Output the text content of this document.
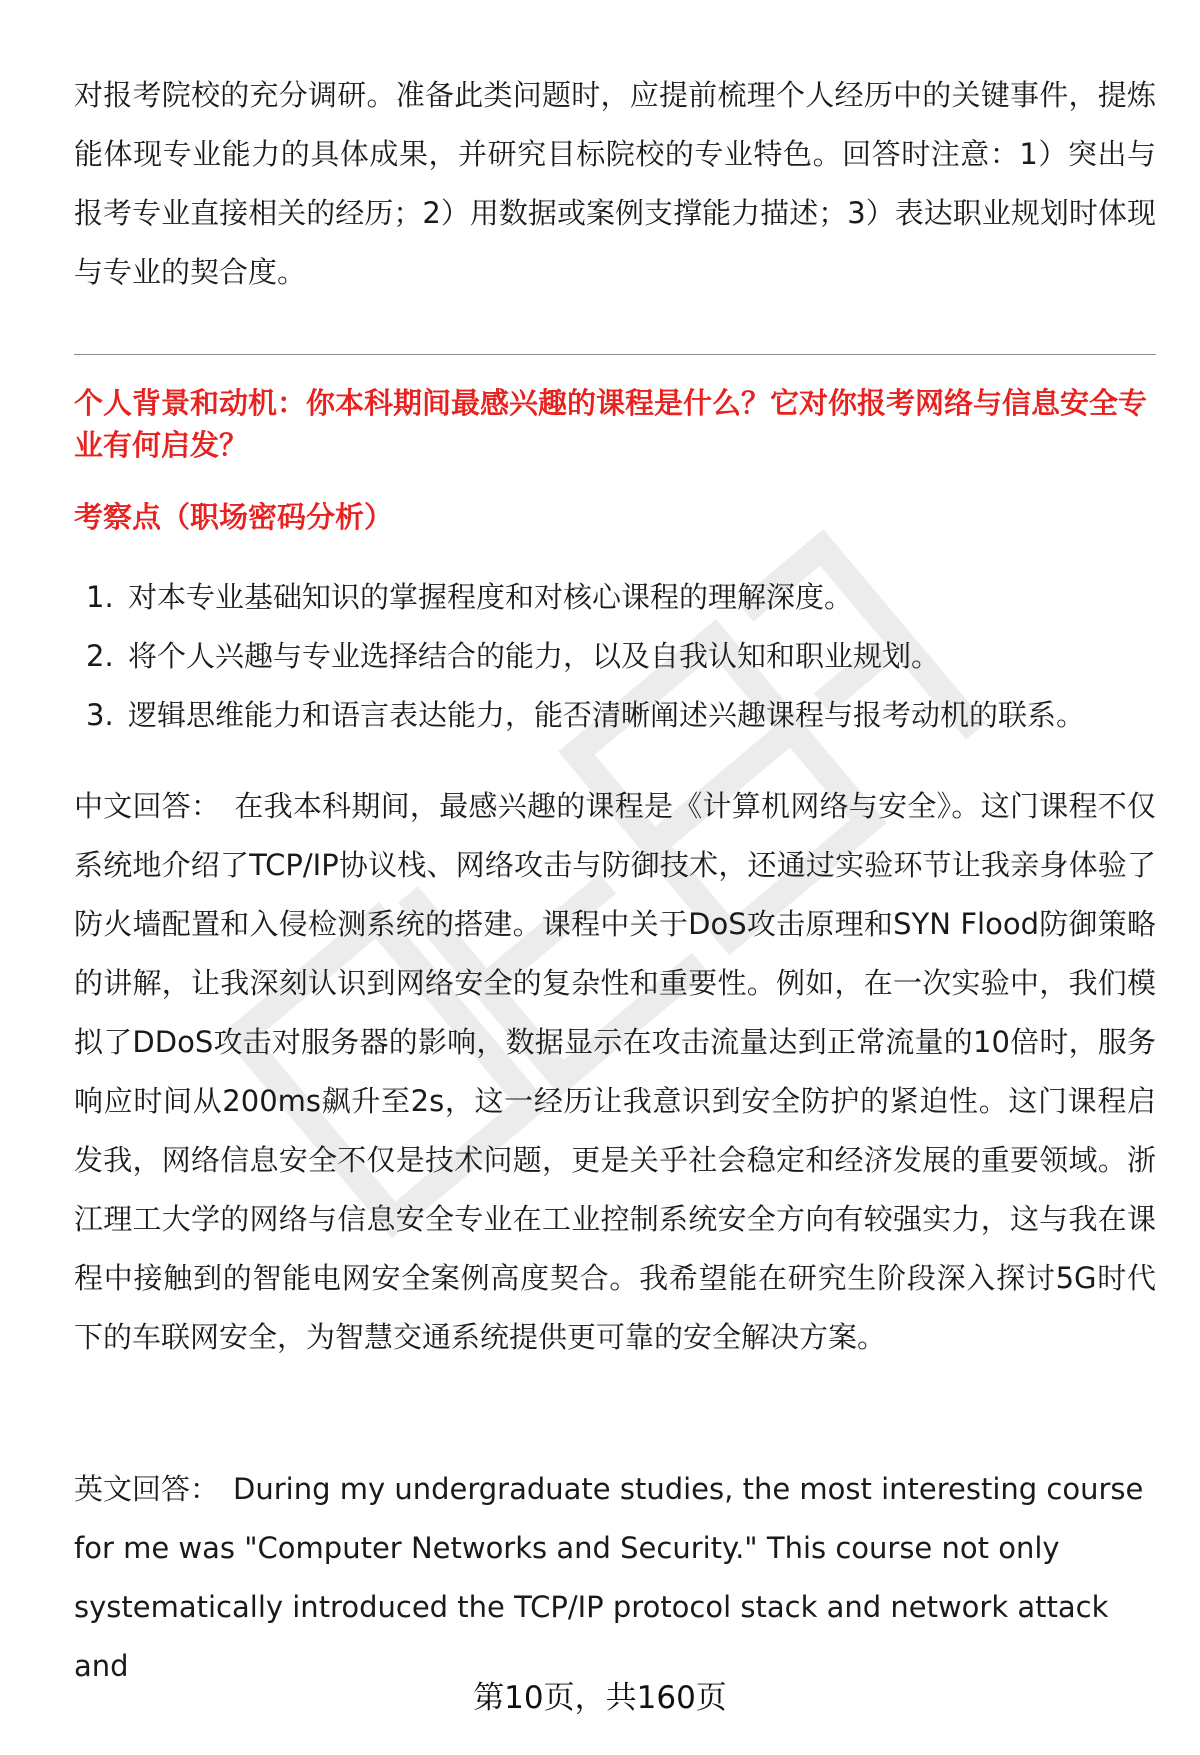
对报考院校的充分调研。准备此类问题时，应提前梳理个人经历中的关键事件，提炼能体现专业能力的具体成果，并研究目标院校的专业特色。回答时注意：1）突出与报考专业直接相关的经历；2）用数据或案例支撑能力描述；3）表达职业规划时体现与专业的契合度。

个人背景和动机：你本科期间最感兴趣的课程是什么？它对你报考网络与信息安全专业有何启发？

考察点（职场密码分析）

1. 对本专业基础知识的掌握程度和对核心课程的理解深度。
2. 将个人兴趣与专业选择结合的能力，以及自我认知和职业规划。
3. 逻辑思维能力和语言表达能力，能否清晰阐述兴趣课程与报考动机的联系。

中文回答： 在我本科期间，最感兴趣的课程是《计算机网络与安全》。这门课程不仅系统地介绍了TCP/IP协议栈、网络攻击与防御技术，还通过实验环节让我亲身体验了防火墙配置和入侵检测系统的搭建。课程中关于DoS攻击原理和SYN Flood防御策略的讲解，让我深刻认识到网络安全的复杂性和重要性。例如，在一次实验中，我们模拟了DDoS攻击对服务器的影响，数据显示在攻击流量达到正常流量的10倍时，服务响应时间从200ms飙升至2s，这一经历让我意识到安全防护的紧迫性。这门课程启发我，网络信息安全不仅是技术问题，更是关乎社会稳定和经济发展的重要领域。浙江理工大学的网络与信息安全专业在工业控制系统安全方向有较强实力，这与我在课程中接触到的智能电网安全案例高度契合。我希望能在研究生阶段深入探讨5G时代下的车联网安全，为智慧交通系统提供更可靠的安全解决方案。

英文回答： During my undergraduate studies, the most interesting course for me was "Computer Networks and Security." This course not only systematically introduced the TCP/IP protocol stack and network attack and

第10页，共160页
